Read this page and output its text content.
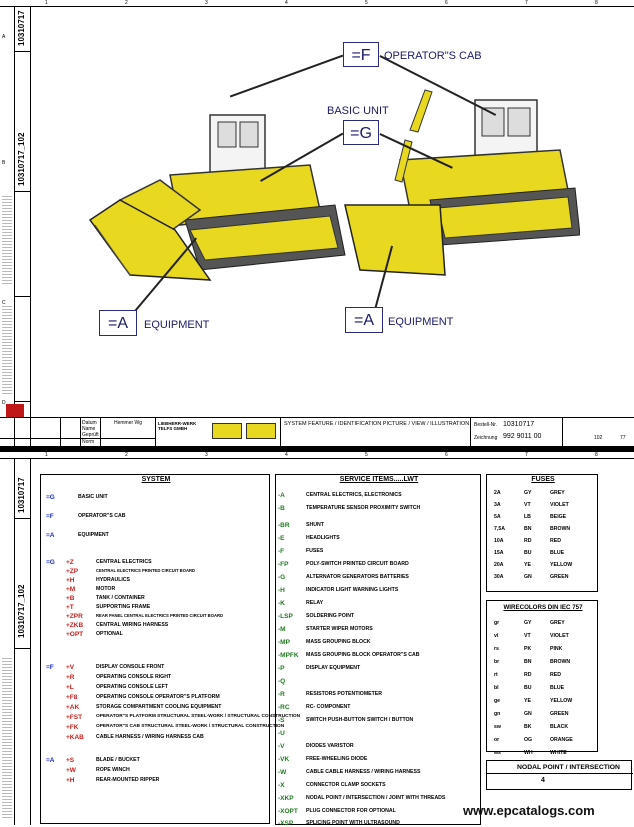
1	2	3	4	5	6	7	8
10310717
10310717_102
A
B
C
D
=F	OPERATOR"S CAB
BASIC UNIT
=G
=A	EQUIPMENT	=A	EQUIPMENT
Hemmer Wg
Datum
Name
Geprüft
Norm
LIEBHERR-WERK TELFS GMBH
SYSTEM FEATURE / IDENTIFICATION PICTURE / VIEW / ILLUSTRATION Bestell-Nr. 10310717
Zeichnung 992 9011 00	102	77
1	2	3	4	5	6	7	8
10310717
10310717_102
SYSTEM
=G	BASIC UNIT
=F	OPERATOR"S CAB
=A	EQUIPMENT
=G +Z	CENTRAL ELECTRICS
+ZP	CENTRAL ELECTRICS PRINTED CIRCUIT BOARD
+H	HYDRAULICS
+M	MOTOR
+B	TANK / CONTAINER
+T	SUPPORTING FRAME
+ZPR	REAR PANEL CENTRAL ELECTRICS PRINTED CIRCUIT BOARD
+ZKB CENTRAL WIRING HARNESS
+OPT OPTIONAL
=F +V	DISPLAY CONSOLE FRONT
+R	OPERATING CONSOLE RIGHT
+L	OPERATING CONSOLE LEFT
+F8	OPERATING CONSOLE OPERATOR"S PLATFORM
+AK	STORAGE COMPARTMENT COOLING EQUIPMENT
+FST	OPERATOR"S PLATFORM STRUCTURAL STEEL-WORK / STRUCTURAL CONSTRUCTION
+FK	OPERATOR"S CAB STRUCTURAL STEEL-WORK / STRUCTURAL CONSTRUCTION
+KAB CABLE HARNESS / WIRING HARNESS CAB
=A +S	BLADE / BUCKET
+W	ROPE WINCH
+H	REAR-MOUNTED RIPPER
SERVICE ITEMS.....LWT
-A	CENTRAL ELECTRICS, ELECTRONICS
-B	TEMPERATURE SENSOR PROXIMITY SWITCH
-BR	SHUNT
-E	HEADLIGHTS
-F	FUSES
-FP	POLY-SWITCH PRINTED CIRCUIT BOARD
-G	ALTERNATOR GENERATORS BATTERIES
-H	INDICATOR LIGHT WARNING LIGHTS
-K	RELAY
-LSP	SOLDERING POINT
-M	STARTER WIPER MOTORS
-MP	MASS GROUPING BLOCK
-MPFK MASS GROUPING BLOCK OPERATOR"S CAB
-P	DISPLAY EQUIPMENT
-Q
-R	RESISTORS POTENTIOMETER
-RC	RC- COMPONENT
-S	SWITCH PUSH-BUTTON SWITCH / BUTTON
-U
-V	DIODES VARISTOR
-VK	FREE-WHEELING DIODE
-W	CABLE CABLE HARNESS / WIRING HARNESS
-X	CONNECTOR CLAMP SOCKETS
-XKP NODAL POINT / INTERSECTION / JOINT WITH THREADS
-XOPT PLUG CONNECTOR FOR OPTIONAL
-XSP SPLICING POINT WITH ULTRASOUND
FUSES
2A	GY	GREY
3A	VT	VIOLET
5A	LB	BEIGE
7,5A	BN	BROWN
10A	RD	RED
15A	BU	BLUE
20A	YE	YELLOW
30A	GN	GREEN
WIRECOLORS DIN IEC 757
gr	GY	GREY
vi	VT	VIOLET
rs	PK	PINK
br	BN	BROWN
rt	RD	RED
bl	BU	BLUE
ge	YE	YELLOW
gn	GN	GREEN
sw	BK	BLACK
or	OG	ORANGE
ws	WH	WHITE
NODAL POINT / INTERSECTION
4
www.epcatalogs.com
